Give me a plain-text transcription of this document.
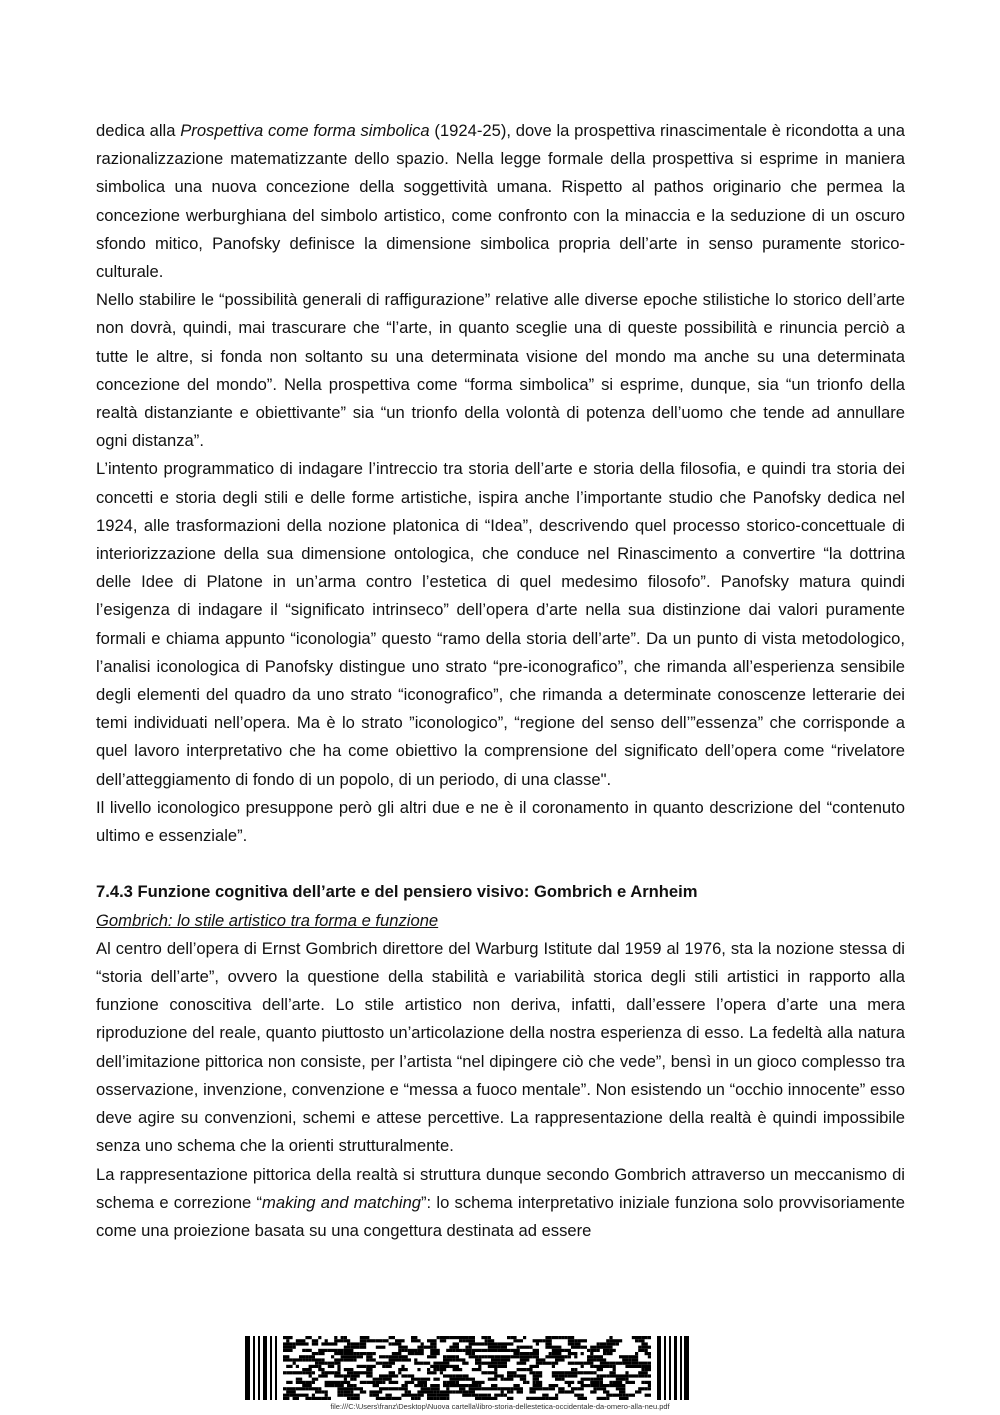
dedica alla Prospettiva come forma simbolica (1924-25), dove la prospettiva rinascimentale è ricondotta a una razionalizzazione matematizzante dello spazio. Nella legge formale della prospettiva si esprime in maniera simbolica una nuova concezione della soggettività umana. Rispetto al pathos originario che permea la concezione werburghiana del simbolo artistico, come confronto con la minaccia e la seduzione di un oscuro sfondo mitico, Panofsky definisce la dimensione simbolica propria dell’arte in senso puramente storico-culturale.

Nello stabilire le “possibilità generali di raffigurazione” relative alle diverse epoche stilistiche lo storico dell’arte non dovrà, quindi, mai trascurare che “l’arte, in quanto sceglie una di queste possibilità e rinuncia perciò a tutte le altre, si fonda non soltanto su una determinata visione del mondo ma anche su una determinata concezione del mondo”. Nella prospettiva come “forma simbolica” si esprime, dunque, sia “un trionfo della realtà distanziante e obiettivante” sia “un trionfo della volontà di potenza dell’uomo che tende ad annullare ogni distanza”.

L’intento programmatico di indagare l’intreccio tra storia dell’arte e storia della filosofia, e quindi tra storia dei concetti e storia degli stili e delle forme artistiche, ispira anche l’importante studio che Panofsky dedica nel 1924, alle trasformazioni della nozione platonica di “Idea”, descrivendo quel processo storico-concettuale di interiorizzazione della sua dimensione ontologica, che conduce nel Rinascimento a convertire “la dottrina delle Idee di Platone in un’arma contro l’estetica di quel medesimo filosofo”. Panofsky matura quindi l’esigenza di indagare il “significato intrinseco” dell’opera d’arte nella sua distinzione dai valori puramente formali e chiama appunto “iconologia” questo “ramo della storia dell’arte”. Da un punto di vista metodologico, l’analisi iconologica di Panofsky distingue uno strato “pre-iconografico”, che rimanda all’esperienza sensibile degli elementi del quadro da uno strato “iconografico”, che rimanda a determinate conoscenze letterarie dei temi individuati nell’opera. Ma è lo strato ”iconologico”, “regione del senso dell’”essenza” che corrisponde a quel lavoro interpretativo che ha come obiettivo la comprensione del significato dell’opera come “rivelatore dell’atteggiamento di fondo di un popolo, di un periodo, di una classe".

Il livello iconologico presuppone però gli altri due e ne è il coronamento in quanto descrizione del “contenuto ultimo e essenziale”.

7.4.3 Funzione cognitiva dell’arte e del pensiero visivo: Gombrich e Arnheim

Gombrich: lo stile artistico tra forma e funzione

Al centro dell’opera di Ernst Gombrich direttore del Warburg Istitute dal 1959 al 1976, sta la nozione stessa di “storia dell’arte”, ovvero la questione della stabilità e variabilità storica degli stili artistici in rapporto alla funzione conoscitiva dell’arte. Lo stile artistico non deriva, infatti, dall’essere l’opera d’arte una mera riproduzione del reale, quanto piuttosto un’articolazione della nostra esperienza di esso. La fedeltà alla natura dell’imitazione pittorica non consiste, per l’artista “nel dipingere ciò che vede”, bensì in un gioco complesso tra osservazione, invenzione, convenzione e “messa a fuoco mentale”. Non esistendo un “occhio innocente” esso deve agire su convenzioni, schemi e attese percettive. La rappresentazione della realtà è quindi impossibile senza uno schema che la orienti strutturalmente.

La rappresentazione pittorica della realtà si struttura dunque secondo Gombrich attraverso un meccanismo di schema e correzione “making and matching”: lo schema interpretativo iniziale funziona solo provvisoriamente come una proiezione basata su una congettura destinata ad essere

file:///C:\Users\franz\Desktop\Nuova cartella\libro-storia-dellestetica-occidentale-da-omero-alla-neu.pdf
